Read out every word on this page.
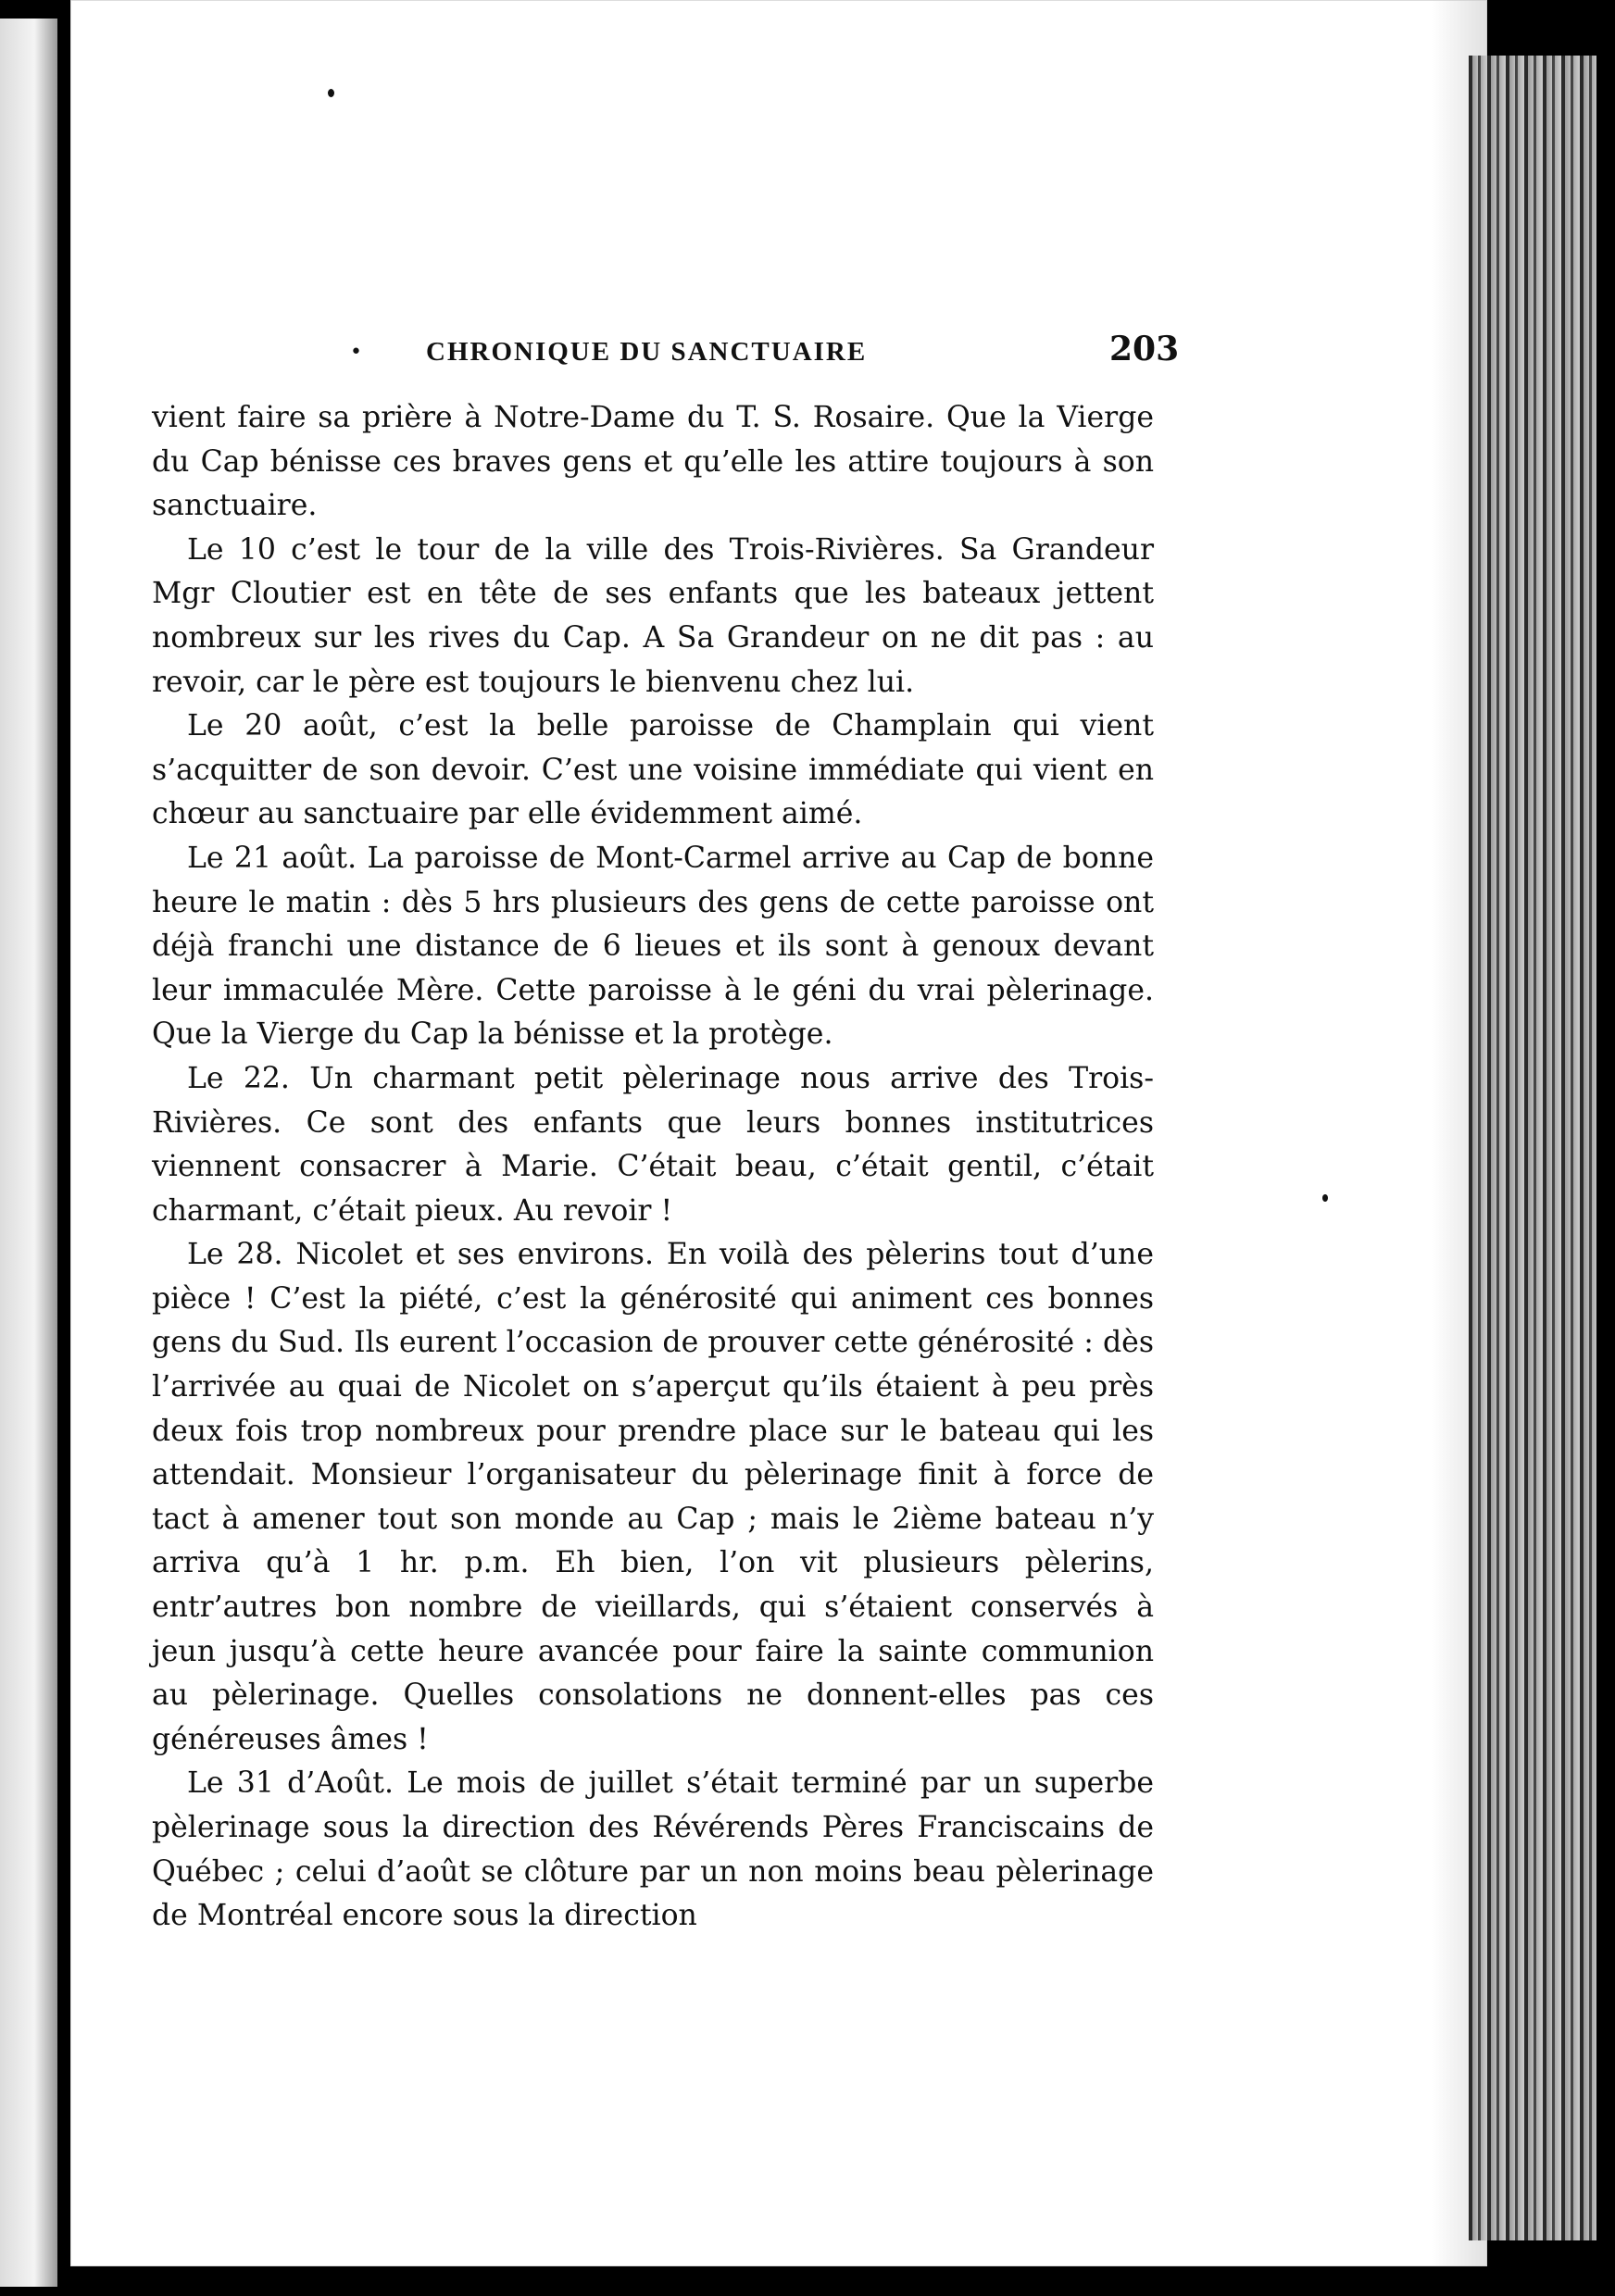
• CHRONIQUE DU SANCTUAIRE	203

vient faire sa prière à Notre-Dame du T. S. Rosaire. Que la Vierge du Cap bénisse ces braves gens et qu’elle les attire toujours à son sanctuaire.

Le 10 c’est le tour de la ville des Trois-Rivières. Sa Grandeur Mgr Cloutier est en tête de ses enfants que les bateaux jettent nombreux sur les rives du Cap. A Sa Grandeur on ne dit pas : au revoir, car le père est toujours le bienvenu chez lui.

Le 20 août, c’est la belle paroisse de Champlain qui vient s’acquitter de son devoir. C’est une voisine immédiate qui vient en chœur au sanctuaire par elle évidemment aimé.

Le 21 août. La paroisse de Mont-Carmel arrive au Cap de bonne heure le matin : dès 5 hrs plusieurs des gens de cette paroisse ont déjà franchi une distance de 6 lieues et ils sont à genoux devant leur immaculée Mère. Cette paroisse à le géni du vrai pèlerinage. Que la Vierge du Cap la bénisse et la protège.

Le 22. Un charmant petit pèlerinage nous arrive des Trois-Rivières. Ce sont des enfants que leurs bonnes institutrices viennent consacrer à Marie. C’était beau, c’était gentil, c’était charmant, c’était pieux. Au revoir !

Le 28. Nicolet et ses environs. En voilà des pèlerins tout d’une pièce ! C’est la piété, c’est la générosité qui animent ces bonnes gens du Sud. Ils eurent l’occasion de prouver cette générosité : dès l’arrivée au quai de Nicolet on s’aperçut qu’ils étaient à peu près deux fois trop nombreux pour prendre place sur le bateau qui les attendait. Monsieur l’organisateur du pèlerinage finit à force de tact à amener tout son monde au Cap ; mais le 2ième bateau n’y arriva qu’à 1 hr. p.m. Eh bien, l’on vit plusieurs pèlerins, entr’autres bon nombre de vieillards, qui s’étaient conservés à jeun jusqu’à cette heure avancée pour faire la sainte communion au pèlerinage. Quelles consolations ne donnent-elles pas ces généreuses âmes !

Le 31 d’Août. Le mois de juillet s’était terminé par un superbe pèlerinage sous la direction des Révérends Pères Franciscains de Québec ; celui d’août se clôture par un non moins beau pèlerinage de Montréal encore sous la direction
